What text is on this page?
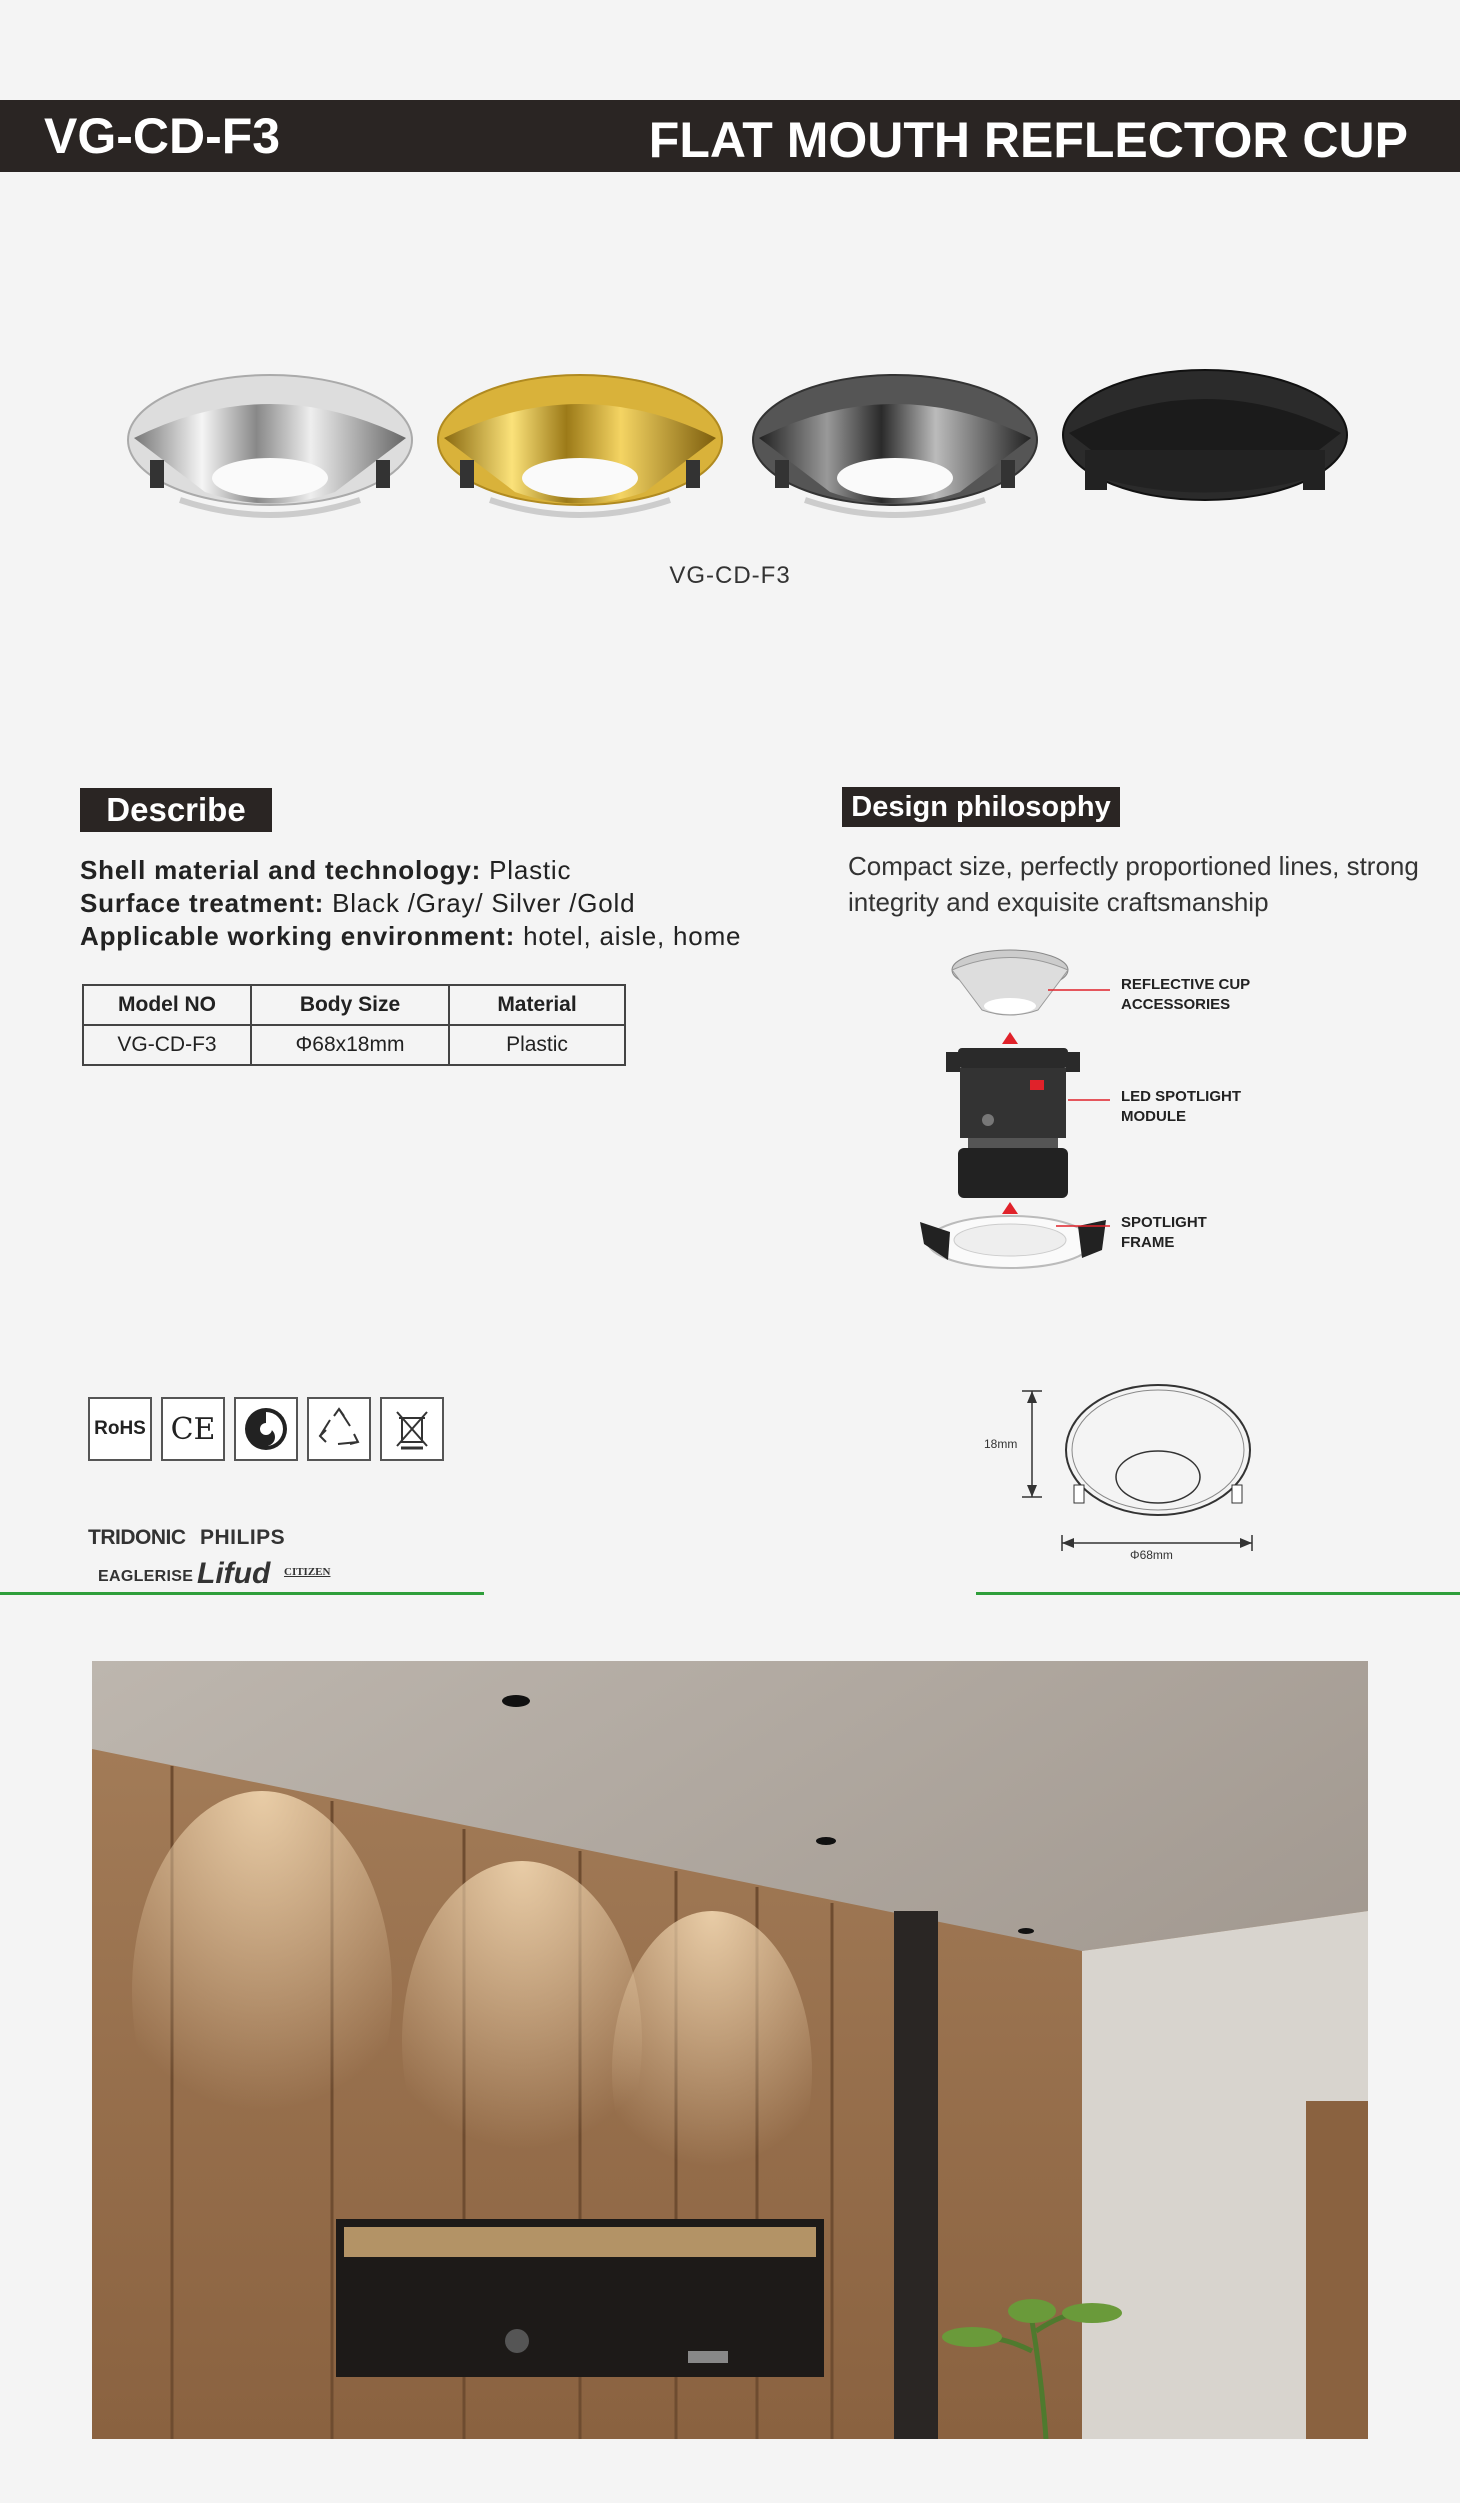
VG-CD-F3	FLAT MOUTH REFLECTOR CUP
VG-CD-F3
Describe
Shell material and technology: Plastic
Surface treatment: Black /Gray/ Silver /Gold
Applicable working environment: hotel, aisle, home
Model NO	Body Size	Material
VG-CD-F3	Φ68x18mm	Plastic
Design philosophy
Compact size, perfectly proportioned lines, strong integrity and exquisite craftsmanship
REFLECTIVE CUP
ACCESSORIES
LED SPOTLIGHT
MODULE
SPOTLIGHT
FRAME
RoHS CE
TRIDONIC PHILIPS
EAGLERISE Lifud CITIZEN
18mm
Φ68mm
